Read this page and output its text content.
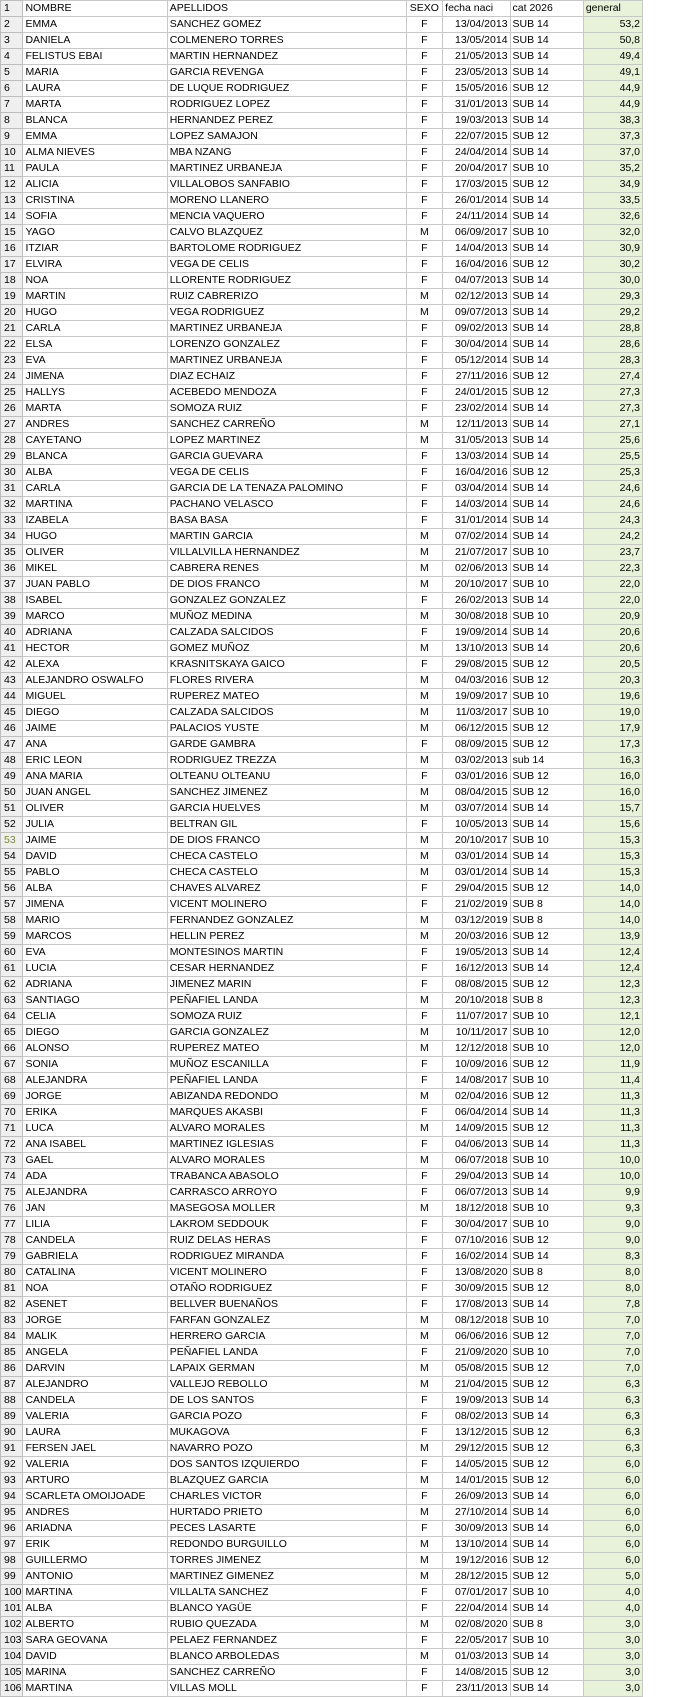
1	NOMBRE	APELLIDOS	SEXO	fecha naci	cat 2026	general
2	EMMA	SANCHEZ GOMEZ	F	13/04/2013	SUB 14	53,2
3	DANIELA	COLMENERO TORRES	F	13/05/2014	SUB 14	50,8
4	FELISTUS EBAI	MARTIN HERNANDEZ	F	21/05/2013	SUB 14	49,4
5	MARIA	GARCIA REVENGA	F	23/05/2013	SUB 14	49,1
6	LAURA	DE LUQUE RODRIGUEZ	F	15/05/2016	SUB 12	44,9
7	MARTA	RODRIGUEZ LOPEZ	F	31/01/2013	SUB 14	44,9
8	BLANCA	HERNANDEZ PEREZ	F	19/03/2013	SUB 14	38,3
9	EMMA	LOPEZ SAMAJON	F	22/07/2015	SUB 12	37,3
10	ALMA NIEVES	MBA NZANG	F	24/04/2014	SUB 14	37,0
11	PAULA	MARTINEZ URBANEJA	F	20/04/2017	SUB 10	35,2
12	ALICIA	VILLALOBOS SANFABIO	F	17/03/2015	SUB 12	34,9
13	CRISTINA	MORENO LLANERO	F	26/01/2014	SUB 14	33,5
14	SOFIA	MENCIA VAQUERO	F	24/11/2014	SUB 14	32,6
15	YAGO	CALVO BLAZQUEZ	M	06/09/2017	SUB 10	32,0
16	ITZIAR	BARTOLOME RODRIGUEZ	F	14/04/2013	SUB 14	30,9
17	ELVIRA	VEGA DE CELIS	F	16/04/2016	SUB 12	30,2
18	NOA	LLORENTE RODRIGUEZ	F	04/07/2013	SUB 14	30,0
19	MARTIN	RUIZ CABRERIZO	M	02/12/2013	SUB 14	29,3
20	HUGO	VEGA RODRIGUEZ	M	09/07/2013	SUB 14	29,2
21	CARLA	MARTINEZ URBANEJA	F	09/02/2013	SUB 14	28,8
22	ELSA	LORENZO GONZALEZ	F	30/04/2014	SUB 14	28,6
23	EVA	MARTINEZ URBANEJA	F	05/12/2014	SUB 14	28,3
24	JIMENA	DIAZ ECHAIZ	F	27/11/2016	SUB 12	27,4
25	HALLYS	ACEBEDO MENDOZA	F	24/01/2015	SUB 12	27,3
26	MARTA	SOMOZA RUIZ	F	23/02/2014	SUB 14	27,3
27	ANDRES	SANCHEZ CARREÑO	M	12/11/2013	SUB 14	27,1
28	CAYETANO	LOPEZ MARTINEZ	M	31/05/2013	SUB 14	25,6
29	BLANCA	GARCIA GUEVARA	F	13/03/2014	SUB 14	25,5
30	ALBA	VEGA DE CELIS	F	16/04/2016	SUB 12	25,3
31	CARLA	GARCIA DE LA TENAZA PALOMINO	F	03/04/2014	SUB 14	24,6
32	MARTINA	PACHANO VELASCO	F	14/03/2014	SUB 14	24,6
33	IZABELA	BASA BASA	F	31/01/2014	SUB 14	24,3
34	HUGO	MARTIN GARCIA	M	07/02/2014	SUB 14	24,2
35	OLIVER	VILLALVILLA HERNANDEZ	M	21/07/2017	SUB 10	23,7
36	MIKEL	CABRERA RENES	M	02/06/2013	SUB 14	22,3
37	JUAN PABLO	DE DIOS FRANCO	M	20/10/2017	SUB 10	22,0
38	ISABEL	GONZALEZ GONZALEZ	F	26/02/2013	SUB 14	22,0
39	MARCO	MUÑOZ MEDINA	M	30/08/2018	SUB 10	20,9
40	ADRIANA	CALZADA SALCIDOS	F	19/09/2014	SUB 14	20,6
41	HECTOR	GOMEZ MUÑOZ	M	13/10/2013	SUB 14	20,6
42	ALEXA	KRASNITSKAYA GAICO	F	29/08/2015	SUB 12	20,5
43	ALEJANDRO OSWALFO	FLORES RIVERA	M	04/03/2016	SUB 12	20,3
44	MIGUEL	RUPEREZ MATEO	M	19/09/2017	SUB 10	19,6
45	DIEGO	CALZADA SALCIDOS	M	11/03/2017	SUB 10	19,0
46	JAIME	PALACIOS YUSTE	M	06/12/2015	SUB 12	17,9
47	ANA	GARDE GAMBRA	F	08/09/2015	SUB 12	17,3
48	ERIC LEON	RODRIGUEZ TREZZA	M	03/02/2013	sub 14	16,3
49	ANA MARIA	OLTEANU OLTEANU	F	03/01/2016	SUB 12	16,0
50	JUAN ANGEL	SANCHEZ JIMENEZ	M	08/04/2015	SUB 12	16,0
51	OLIVER	GARCIA HUELVES	M	03/07/2014	SUB 14	15,7
52	JULIA	BELTRAN GIL	F	10/05/2013	SUB 14	15,6
53	JAIME	DE DIOS FRANCO	M	20/10/2017	SUB 10	15,3
54	DAVID	CHECA CASTELO	M	03/01/2014	SUB 14	15,3
55	PABLO	CHECA CASTELO	M	03/01/2014	SUB 14	15,3
56	ALBA	CHAVES ALVAREZ	F	29/04/2015	SUB 12	14,0
57	JIMENA	VICENT MOLINERO	F	21/02/2019	SUB 8	14,0
58	MARIO	FERNANDEZ GONZALEZ	M	03/12/2019	SUB 8	14,0
59	MARCOS	HELLIN PEREZ	M	20/03/2016	SUB 12	13,9
60	EVA	MONTESINOS MARTIN	F	19/05/2013	SUB 14	12,4
61	LUCIA	CESAR HERNANDEZ	F	16/12/2013	SUB 14	12,4
62	ADRIANA	JIMENEZ MARIN	F	08/08/2015	SUB 12	12,3
63	SANTIAGO	PEÑAFIEL LANDA	M	20/10/2018	SUB 8	12,3
64	CELIA	SOMOZA RUIZ	F	11/07/2017	SUB 10	12,1
65	DIEGO	GARCIA GONZALEZ	M	10/11/2017	SUB 10	12,0
66	ALONSO	RUPEREZ MATEO	M	12/12/2018	SUB 10	12,0
67	SONIA	MUÑOZ ESCANILLA	F	10/09/2016	SUB 12	11,9
68	ALEJANDRA	PEÑAFIEL LANDA	F	14/08/2017	SUB 10	11,4
69	JORGE	ABIZANDA REDONDO	M	02/04/2016	SUB 12	11,3
70	ERIKA	MARQUES AKASBI	F	06/04/2014	SUB 14	11,3
71	LUCA	ALVARO MORALES	M	14/09/2015	SUB 12	11,3
72	ANA ISABEL	MARTINEZ IGLESIAS	F	04/06/2013	SUB 14	11,3
73	GAEL	ALVARO MORALES	M	06/07/2018	SUB 10	10,0
74	ADA	TRABANCA ABASOLO	F	29/04/2013	SUB 14	10,0
75	ALEJANDRA	CARRASCO ARROYO	F	06/07/2013	SUB 14	9,9
76	JAN	MASEGOSA MOLLER	M	18/12/2018	SUB 10	9,3
77	LILIA	LAKROM SEDDOUK	F	30/04/2017	SUB 10	9,0
78	CANDELA	RUIZ DELAS HERAS	F	07/10/2016	SUB 12	9,0
79	GABRIELA	RODRIGUEZ MIRANDA	F	16/02/2014	SUB 14	8,3
80	CATALINA	VICENT MOLINERO	F	13/08/2020	SUB 8	8,0
81	NOA	OTAÑO RODRIGUEZ	F	30/09/2015	SUB 12	8,0
82	ASENET	BELLVER BUENAÑOS	F	17/08/2013	SUB 14	7,8
83	JORGE	FARFAN GONZALEZ	M	08/12/2018	SUB 10	7,0
84	MALIK	HERRERO GARCIA	M	06/06/2016	SUB 12	7,0
85	ANGELA	PEÑAFIEL LANDA	F	21/09/2020	SUB 10	7,0
86	DARVIN	LAPAIX GERMAN	M	05/08/2015	SUB 12	7,0
87	ALEJANDRO	VALLEJO REBOLLO	M	21/04/2015	SUB 12	6,3
88	CANDELA	DE LOS SANTOS	F	19/09/2013	SUB 14	6,3
89	VALERIA	GARCIA POZO	F	08/02/2013	SUB 14	6,3
90	LAURA	MUKAGOVA	F	13/12/2015	SUB 12	6,3
91	FERSEN JAEL	NAVARRO POZO	M	29/12/2015	SUB 12	6,3
92	VALERIA	DOS SANTOS IZQUIERDO	F	14/05/2015	SUB 12	6,0
93	ARTURO	BLAZQUEZ GARCIA	M	14/01/2015	SUB 12	6,0
94	SCARLETA OMOIJOADE	CHARLES VICTOR	F	26/09/2013	SUB 14	6,0
95	ANDRES	HURTADO PRIETO	M	27/10/2014	SUB 14	6,0
96	ARIADNA	PECES LASARTE	F	30/09/2013	SUB 14	6,0
97	ERIK	REDONDO BURGUILLO	M	13/10/2014	SUB 14	6,0
98	GUILLERMO	TORRES JIMENEZ	M	19/12/2016	SUB 12	6,0
99	ANTONIO	MARTINEZ GIMENEZ	M	28/12/2015	SUB 12	5,0
100	MARTINA	VILLALTA SANCHEZ	F	07/01/2017	SUB 10	4,0
101	ALBA	BLANCO YAGÜE	F	22/04/2014	SUB 14	4,0
102	ALBERTO	RUBIO QUEZADA	M	02/08/2020	SUB 8	3,0
103	SARA GEOVANA	PELAEZ FERNANDEZ	F	22/05/2017	SUB 10	3,0
104	DAVID	BLANCO ARBOLEDAS	M	01/03/2013	SUB 14	3,0
105	MARINA	SANCHEZ CARREÑO	F	14/08/2015	SUB 12	3,0
106	MARTINA	VILLAS MOLL	F	23/11/2013	SUB 14	3,0
